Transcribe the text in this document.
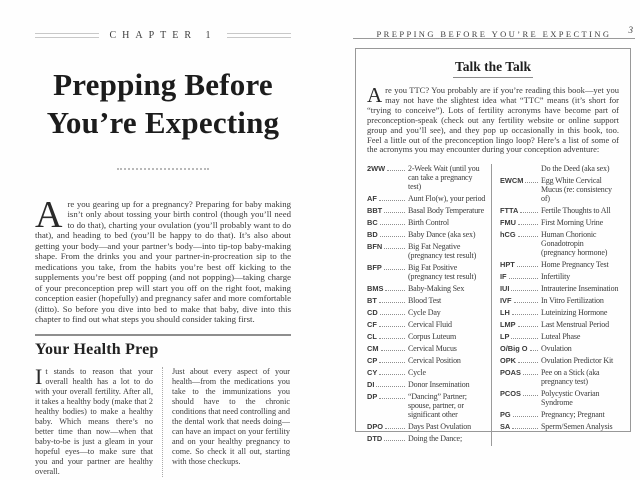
CHAPTER 1
Prepping Before
You’re Expecting

Are you gearing up for a pregnancy? Preparing for baby making isn’t only about tossing your birth control (though you’ll need to do that), charting your ovulation (you’ll probably want to do that), and heading to bed (you’ll be happy to do that). It’s also about getting your body—and your partner’s body—into tip-top baby-making shape. From the drinks you and your partner-in-procreation sip to the medications you take, from the habits you’re best off kicking to the supplements you’re best off popping (and not popping)—taking charge of your preconception prep will start you off on the right foot, making conception easier (hopefully) and pregnancy safer and more comfortable (ditto). So before you dive into bed to make that baby, dive into this chapter to find out what steps you should consider taking first.

Your Health Prep
It stands to reason that your overall health has a lot to do with your overall fertility. After all, it takes a healthy body (make that 2 healthy bodies) to make a healthy baby. Which means there’s no better time than now—when that baby-to-be is just a gleam in your hopeful eyes—to make sure that you and your partner are healthy overall.
Just about every aspect of your health—from the medications you take to the immunizations you should have to the chronic conditions that need controlling and the dental work that needs doing—can have an impact on your fertility and on your healthy pregnancy to come. So check it all out, starting with those checkups.
PREPPING BEFORE YOU’RE EXPECTING 3
Talk the Talk

Are you TTC? You probably are if you’re reading this book—yet you may not have the slightest idea what “TTC” means (it’s short for “trying to conceive”). Lots of fertility acronyms have become part of preconception-speak (check out any fertility website or online support group and you’ll see), and they pop up occasionally in this book, too. Feel a little out of the preconception lingo loop? Here’s a list of some of the acronyms you may encounter during your conception adventure:

2WW	2-Week Wait (until you can take a pregnancy test)
AF	Aunt Flo(w), your period
BBT	Basal Body Temperature
BC	Birth Control
BD	Baby Dance (aka sex)
BFN	Big Fat Negative (pregnancy test result)
BFP	Big Fat Positive (pregnancy test result)
BMS	Baby-Making Sex
BT	Blood Test
CD	Cycle Day
CF	Cervical Fluid
CL	Corpus Luteum
CM	Cervical Mucus
CP	Cervical Position
CY	Cycle
DI	Donor Insemination
DP	“Dancing” Partner; spouse, partner, or significant other
DPO	Days Past Ovulation
DTD	Doing the Dance;
Do the Deed (aka sex)
EWCM Egg White Cervical Mucus (re: consistency of)
FTTA	Fertile Thoughts to All
FMU	First Morning Urine
hCG	Human Chorionic Gonadotropin (pregnancy hormone)
HPT	Home Pregnancy Test
IF	Infertility
IUI	Intrauterine Insemination
IVF	In Vitro Fertilization
LH	Luteinizing Hormone
LMP	Last Menstrual Period
LP	Luteal Phase
O/Big O Ovulation
OPK	Ovulation Predictor Kit
POAS	Pee on a Stick (aka pregnancy test)
PCOS	Polycystic Ovarian Syndrome
PG	Pregnancy; Pregnant
SA	Sperm/Semen Analysis
